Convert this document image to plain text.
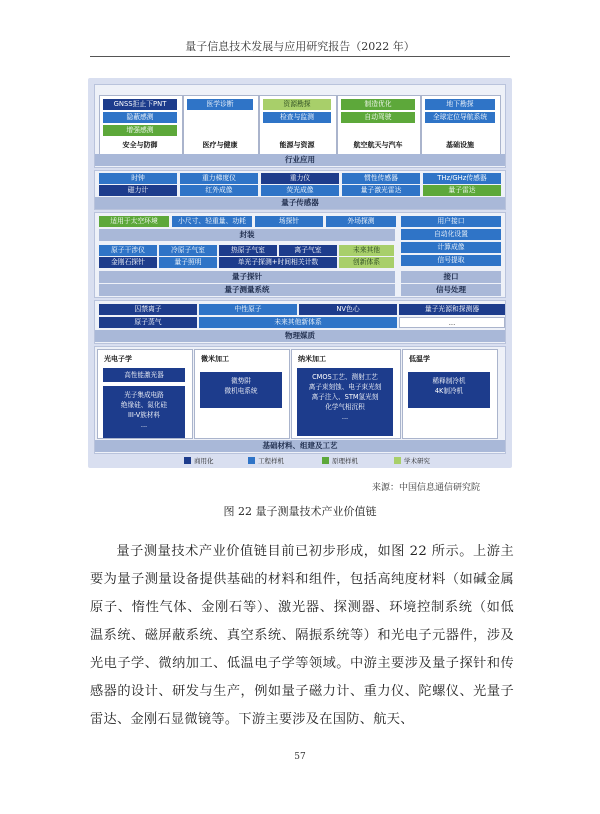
量子信息技术发展与应用研究报告（2022 年）
GNSS拒止下PNT
隐蔽感测
增强感测
安全与防御
医学诊断
医疗与健康
资源勘探
检查与监测
能源与资源
制造优化
自动驾驶
航空航天与汽车
地下勘探
全球定位导航系统
基础设施
行业应用
时钟	重力梯度仪	重力仪	惯性传感器	THz/GHz传感器
磁力计	红外成像	荧光成像	量子激光雷达	量子雷达
量子传感器
适用于太空环境	小尺寸、轻重量、功耗	场探针	外场探测
封装
原子干涉仪	冷原子气室	热原子气室	离子气室	未来其他
金刚石探针	量子照明	单光子探测+时间相关计数	创新体系
量子探针
用户接口
自动化设置
计算成像
信号提取
接口
量子测量系统	信号处理
囚禁离子	中性原子	NV色心	量子光源和探测器
原子蒸气	未来其他新体系	...
物理媒质
光电子学
高性能激光器
光子集成电路
绝缘硅、氮化硅
III-V族材料
...
微米加工
微势阱
微机电系统
纳米加工
CMOS工艺、测射工艺
离子束刻蚀、电子束光刻
离子注入、STM氢光刻
化学气相沉积
...
低温学
稀释制冷机
4K制冷机
基础材料、组建及工艺
商用化	工程样机	原理样机	学术研究
来源：中国信息通信研究院
图 22 量子测量技术产业价值链

量子测量技术产业价值链目前已初步形成，如图 22 所示。上游主要为量子测量设备提供基础的材料和组件，包括高纯度材料（如碱金属原子、惰性气体、金刚石等）、激光器、探测器、环境控制系统（如低温系统、磁屏蔽系统、真空系统、隔振系统等）和光电子元器件，涉及光电子学、微纳加工、低温电子学等领域。中游主要涉及量子探针和传感器的设计、研发与生产，例如量子磁力计、重力仪、陀螺仪、光量子雷达、金刚石显微镜等。下游主要涉及在国防、航天、

57
